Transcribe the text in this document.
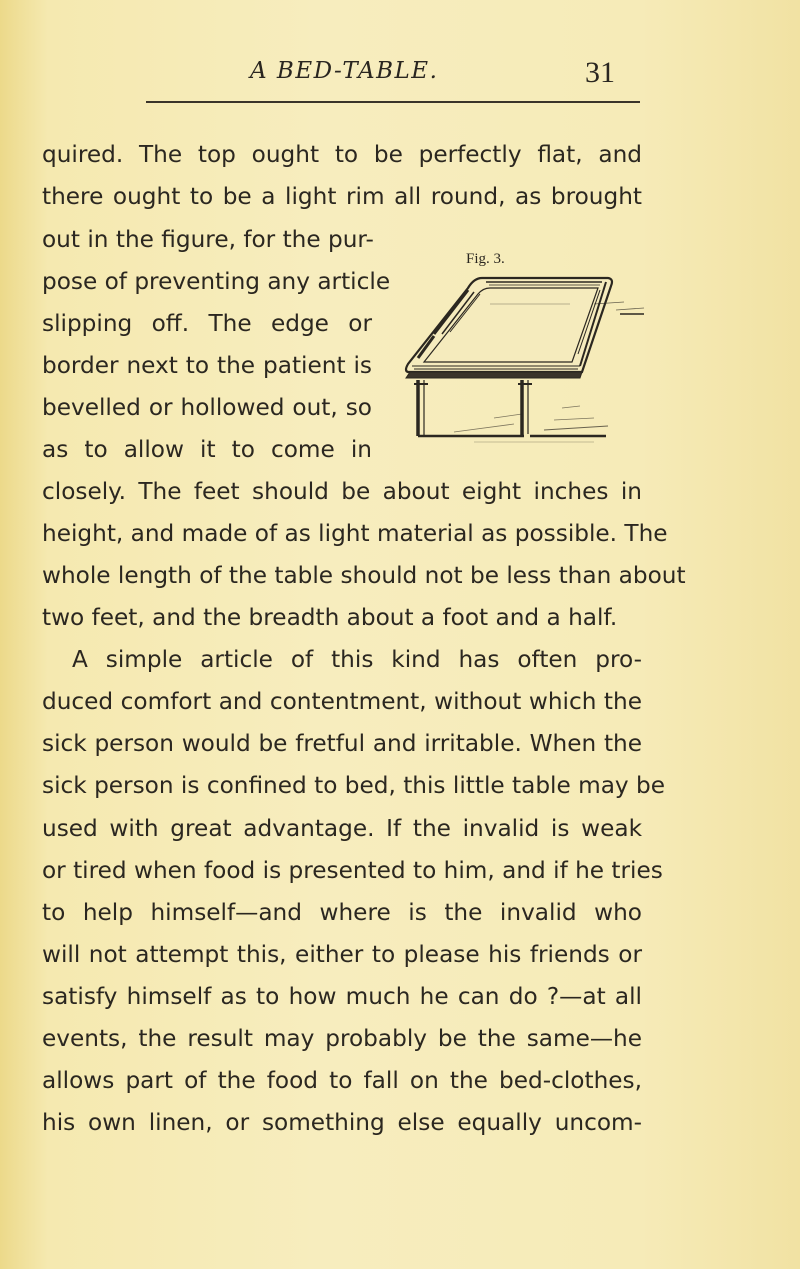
A BED-TABLE.	31
quired. The top ought to be perfectly flat, and
there ought to be a light rim all round, as brought
out in the figure, for the pur-
pose of preventing any article
slipping off. The edge or
border next to the patient is
bevelled or hollowed out, so
as to allow it to come in
closely. The feet should be about eight inches in
height, and made of as light material as possible. The
whole length of the table should not be less than about
two feet, and the breadth about a foot and a half.
A simple article of this kind has often pro-
duced comfort and contentment, without which the
sick person would be fretful and irritable. When the
sick person is confined to bed, this little table may be
used with great advantage. If the invalid is weak
or tired when food is presented to him, and if he tries
to help himself—and where is the invalid who
will not attempt this, either to please his friends or
satisfy himself as to how much he can do ?—at all
events, the result may probably be the same—he
allows part of the food to fall on the bed-clothes,
his own linen, or something else equally uncom-
Fig. 3.
